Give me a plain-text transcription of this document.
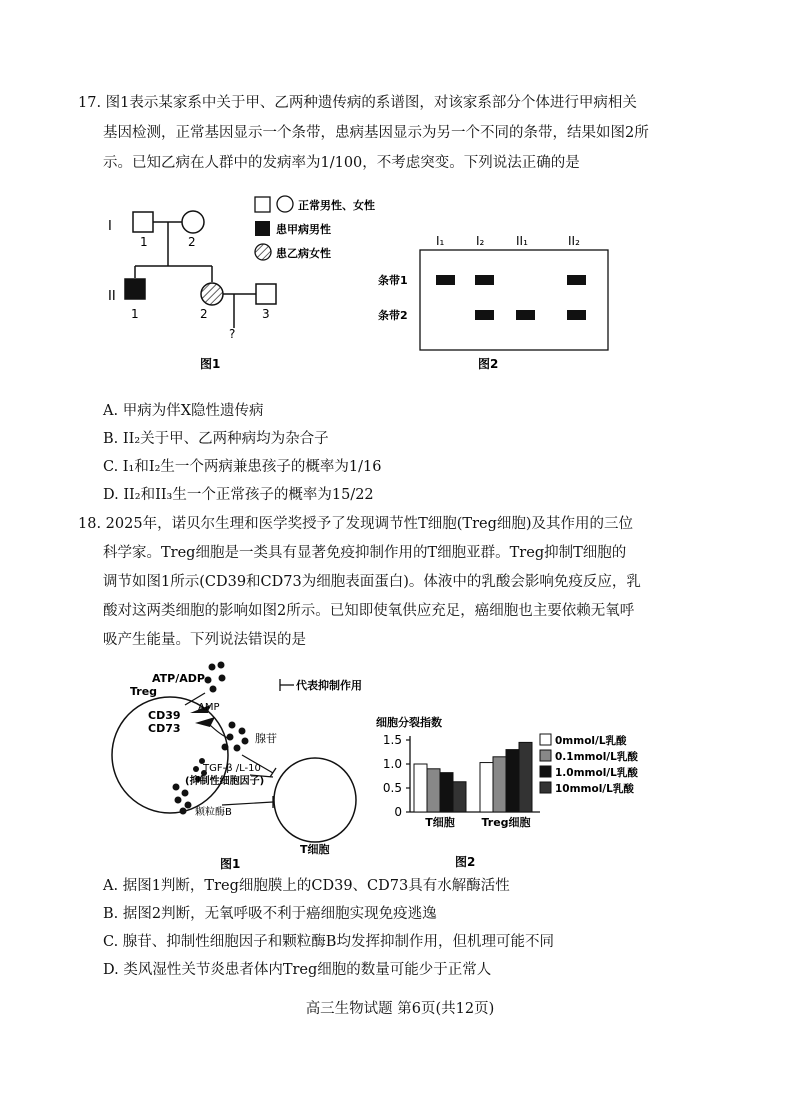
17. 图1表示某家系中关于甲、乙两种遗传病的系谱图，对该家系部分个体进行甲病相关
基因检测，正常基因显示一个条带，患病基因显示为另一个不同的条带，结果如图2所
示。已知乙病在人群中的发病率为1/100，不考虑突变。下列说法正确的是
I
1	2
II
?
1	2	3
正常男性、女性
患甲病男性
患乙病女性
图1
I₁	I₂	II₁	II₂
条带1
条带2
图2
A. 甲病为伴X隐性遗传病
B. II₂关于甲、乙两种病均为杂合子
C. I₁和I₂生一个两病兼患孩子的概率为1/16
D. II₂和II₃生一个正常孩子的概率为15/22
18. 2025年，诺贝尔生理和医学奖授予了发现调节性T细胞(Treg细胞)及其作用的三位
科学家。Treg细胞是一类具有显著免疫抑制作用的T细胞亚群。Treg抑制T细胞的
调节如图1所示(CD39和CD73为细胞表面蛋白)。体液中的乳酸会影响免疫反应，乳
酸对这两类细胞的影响如图2所示。已知即使氧供应充足，癌细胞也主要依赖无氧呼
吸产生能量。下列说法错误的是
ATP/ADP
Treg
CD39
CD73
AMP
腺苷
代表抑制作用
TGF-β /L-10
(抑制性细胞因子)
颗粒酶B
T细胞
图1
细胞分裂指数
0
0.5
1.0
1.5
T细胞 Treg细胞
0mmol/L乳酸
0.1mmol/L乳酸
1.0mmol/L乳酸
10mmol/L乳酸
图2
A. 据图1判断，Treg细胞膜上的CD39、CD73具有水解酶活性
B. 据图2判断，无氧呼吸不利于癌细胞实现免疫逃逸
C. 腺苷、抑制性细胞因子和颗粒酶B均发挥抑制作用，但机理可能不同
D. 类风湿性关节炎患者体内Treg细胞的数量可能少于正常人
高三生物试题 第6页(共12页)
